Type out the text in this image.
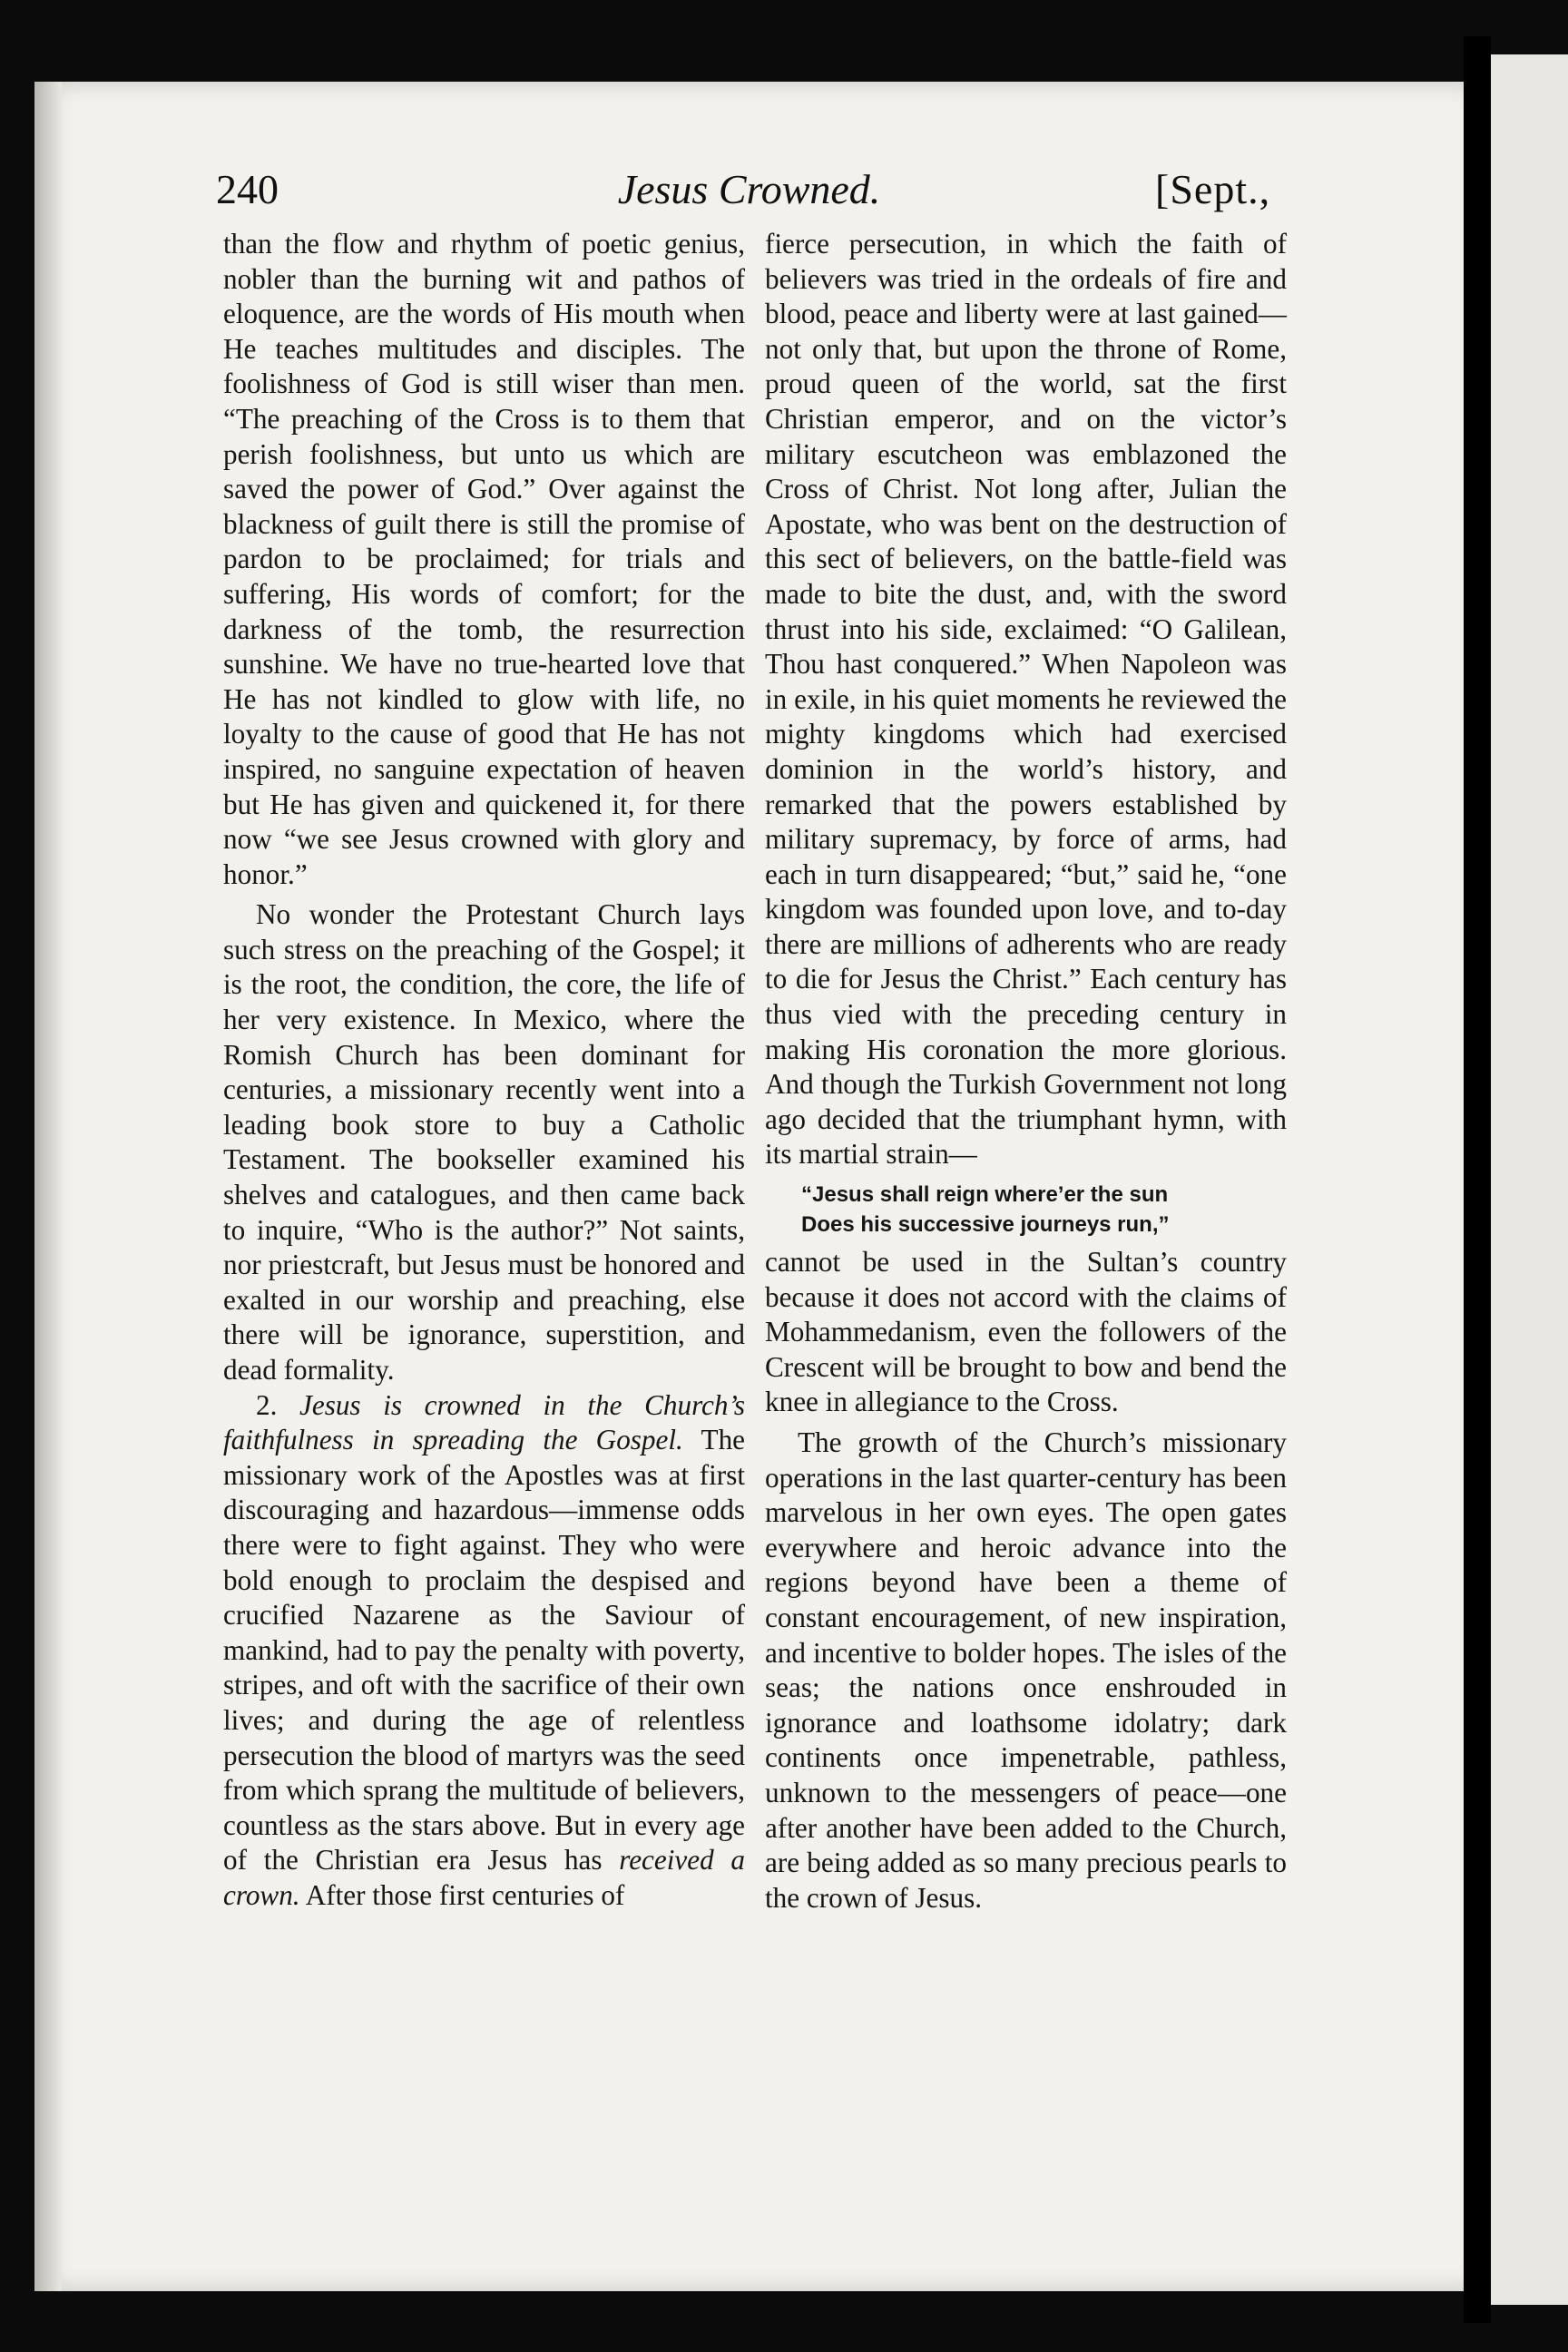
240	Jesus Crowned.	[Sept.,

than the flow and rhythm of poetic genius, nobler than the burning wit and pathos of eloquence, are the words of His mouth when He teaches multitudes and disciples. The foolishness of God is still wiser than men. “The preaching of the Cross is to them that perish foolishness, but unto us which are saved the power of God.” Over against the blackness of guilt there is still the promise of pardon to be proclaimed; for trials and suffering, His words of comfort; for the darkness of the tomb, the resurrection sunshine. We have no true-hearted love that He has not kindled to glow with life, no loyalty to the cause of good that He has not inspired, no sanguine expectation of heaven but He has given and quickened it, for there now “we see Jesus crowned with glory and honor.”

No wonder the Protestant Church lays such stress on the preaching of the Gospel; it is the root, the condition, the core, the life of her very existence. In Mexico, where the Romish Church has been dominant for centuries, a missionary recently went into a leading book store to buy a Catholic Testament. The bookseller examined his shelves and catalogues, and then came back to inquire, “Who is the author?” Not saints, nor priestcraft, but Jesus must be honored and exalted in our worship and preaching, else there will be ignorance, superstition, and dead formality.

2. Jesus is crowned in the Church’s faithfulness in spreading the Gospel. The missionary work of the Apostles was at first discouraging and hazardous—immense odds there were to fight against. They who were bold enough to proclaim the despised and crucified Nazarene as the Saviour of mankind, had to pay the penalty with poverty, stripes, and oft with the sacrifice of their own lives; and during the age of relentless persecution the blood of martyrs was the seed from which sprang the multitude of believers, countless as the stars above. But in every age of the Christian era Jesus has received a crown. After those first centuries of

fierce persecution, in which the faith of believers was tried in the ordeals of fire and blood, peace and liberty were at last gained—not only that, but upon the throne of Rome, proud queen of the world, sat the first Christian emperor, and on the victor’s military escutcheon was emblazoned the Cross of Christ. Not long after, Julian the Apostate, who was bent on the destruction of this sect of believers, on the battle-field was made to bite the dust, and, with the sword thrust into his side, exclaimed: “O Galilean, Thou hast conquered.” When Napoleon was in exile, in his quiet moments he reviewed the mighty kingdoms which had exercised dominion in the world’s history, and remarked that the powers established by military supremacy, by force of arms, had each in turn disappeared; “but,” said he, “one kingdom was founded upon love, and to-day there are millions of adherents who are ready to die for Jesus the Christ.” Each century has thus vied with the preceding century in making His coronation the more glorious. And though the Turkish Government not long ago decided that the triumphant hymn, with its martial strain—

“Jesus shall reign where’er the sun
Does his successive journeys run,”

cannot be used in the Sultan’s country because it does not accord with the claims of Mohammedanism, even the followers of the Crescent will be brought to bow and bend the knee in allegiance to the Cross.

The growth of the Church’s missionary operations in the last quarter-century has been marvelous in her own eyes. The open gates everywhere and heroic advance into the regions beyond have been a theme of constant encouragement, of new inspiration, and incentive to bolder hopes. The isles of the seas; the nations once enshrouded in ignorance and loathsome idolatry; dark continents once impenetrable, pathless, unknown to the messengers of peace—one after another have been added to the Church, are being added as so many precious pearls to the crown of Jesus.
